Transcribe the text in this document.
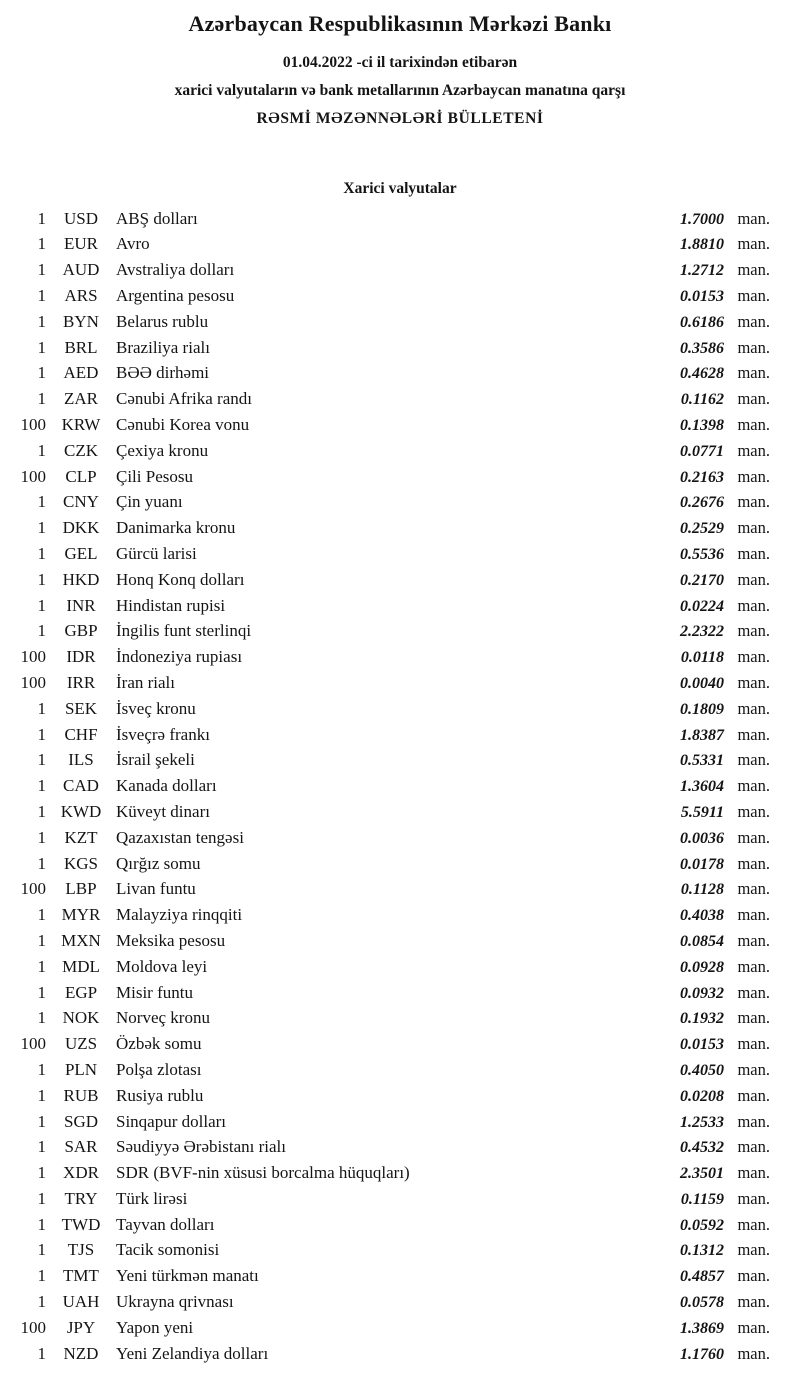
Azərbaycan Respublikasının Mərkəzi Bankı
01.04.2022 -ci il tarixindən etibarən
xarici valyutaların və bank metallarının Azərbaycan manatına qarşı
RƏSMİ MƏZƏNNƏLƏRİ BÜLLETENİ
Xarici valyutalar
1	USD	ABŞ dolları	1.7000 man.
1	EUR	Avro	1.8810 man.
1 AUD Avstraliya dolları	1.2712 man.
1	ARS	Argentina pesosu	0.0153 man.
1	BYN	Belarus rublu	0.6186 man.
1	BRL	Braziliya rialı	0.3586 man.
1	AED	BƏƏ dirhəmi	0.4628 man.
1	ZAR	Cənubi Afrika randı	0.1162 man.
100 KRW Cənubi Korea vonu	0.1398 man.
1	CZK	Çexiya kronu	0.0771 man.
100	CLP	Çili Pesosu	0.2163 man.
1	CNY	Çin yuanı	0.2676 man.
1 DKK Danimarka kronu	0.2529 man.
1	GEL	Gürcü larisi	0.5536 man.
1 HKD Honq Konq dolları	0.2170 man.
1	INR	Hindistan rupisi	0.0224 man.
1	GBP	İngilis funt sterlinqi	2.2322 man.
100	IDR	İndoneziya rupiası	0.0118 man.
100	IRR	İran rialı	0.0040 man.
1	SEK	İsveç kronu	0.1809 man.
1	CHF	İsveçrə frankı	1.8387 man.
1	ILS	İsrail şekeli	0.5331 man.
1	CAD	Kanada dolları	1.3604 man.
1 KWD Küveyt dinarı	5.5911 man.
1	KZT	Qazaxıstan tengəsi	0.0036 man.
1	KGS	Qırğız somu	0.0178 man.
100	LBP	Livan funtu	0.1128 man.
1 MYR Malayziya rinqqiti	0.4038 man.
1 MXN Meksika pesosu	0.0854 man.
1 MDL Moldova leyi	0.0928 man.
1	EGP	Misir funtu	0.0932 man.
1 NOK Norveç kronu	0.1932 man.
100	UZS	Özbək somu	0.0153 man.
1	PLN	Polşa zlotası	0.4050 man.
1	RUB	Rusiya rublu	0.0208 man.
1	SGD	Sinqapur dolları	1.2533 man.
1	SAR	Səudiyyə Ərəbistanı rialı	0.4532 man.
1	XDR	SDR (BVF-nin xüsusi borcalma hüquqları)	2.3501 man.
1	TRY	Türk lirəsi	0.1159 man.
1 TWD Tayvan dolları	0.0592 man.
1	TJS	Tacik somonisi	0.1312 man.
1	TMT	Yeni türkmən manatı	0.4857 man.
1 UAH Ukrayna qrivnası	0.0578 man.
100	JPY	Yapon yeni	1.3869 man.
1	NZD	Yeni Zelandiya dolları	1.1760 man.
